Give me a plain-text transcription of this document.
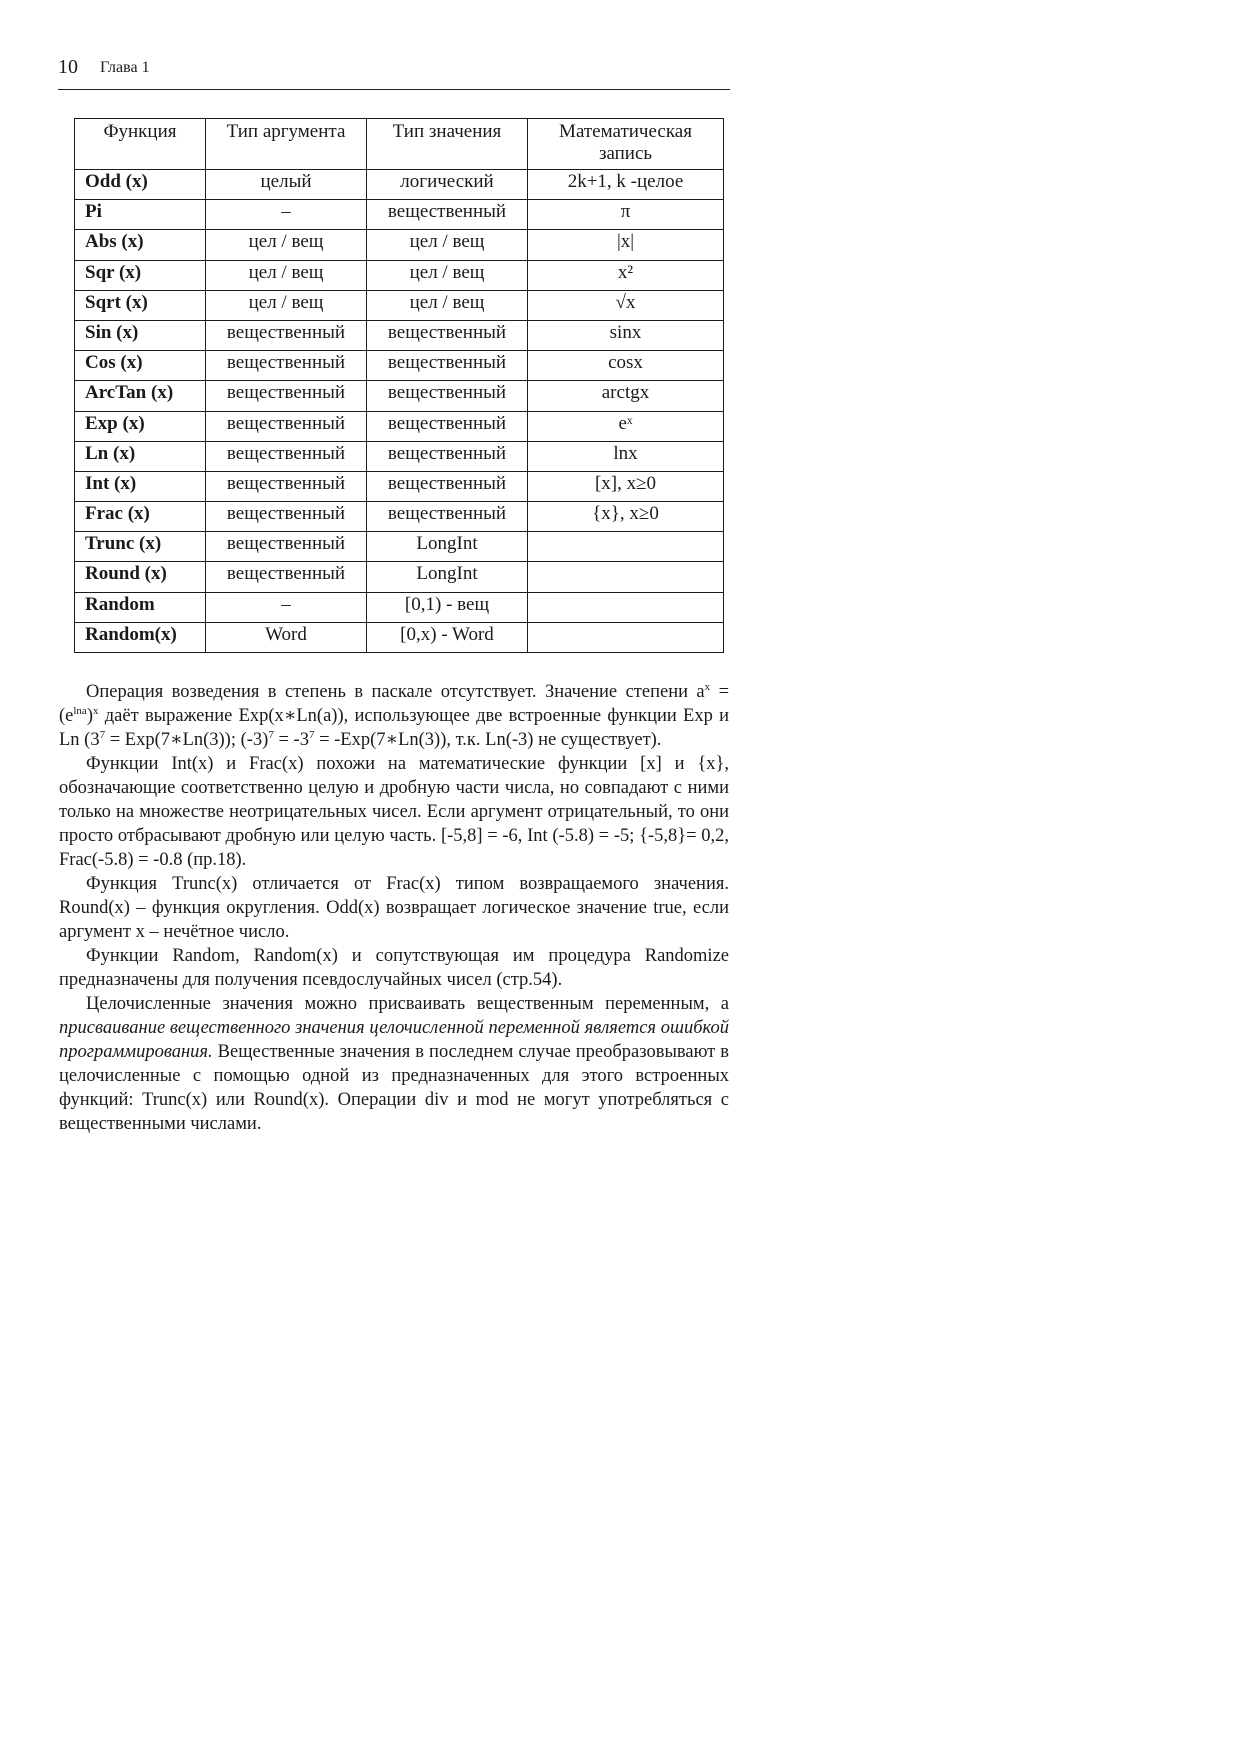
10 Глава 1
Функция	Тип аргумента	Тип значения	Математическая запись
Odd (x)	целый	логический	2k+1, k -целое
Pi	–	вещественный	π
Abs (x)	цел / вещ	цел / вещ	|x|
Sqr (x)	цел / вещ	цел / вещ	x²
Sqrt (x)	цел / вещ	цел / вещ	√x
Sin (x)	вещественный	вещественный	sinx
Cos (x)	вещественный	вещественный	cosx
ArcTan (x)	вещественный	вещественный	arctgx
Exp (x)	вещественный	вещественный	eˣ
Ln (x)	вещественный	вещественный	lnx
Int (x)	вещественный	вещественный	[x], x≥0
Frac (x)	вещественный	вещественный	{x}, x≥0
Trunc (x)	вещественный	LongInt	
Round (x)	вещественный	LongInt	
Random	–	[0,1) - вещ	
Random(x)	Word	[0,x) - Word	

Операция возведения в степень в паскале отсутствует. Значение степени $a^x = (e^{lna})^x$ даёт выражение Exp(x∗Ln(a)), использующее две встроенные функции Exp и Ln ($3^7$ = Exp(7∗Ln(3)); $(-3)^7 = -3^7$ = -Exp(7∗Ln(3)), т.к. Ln(-3) не существует).

Функции Int(x) и Frac(x) похожи на математические функции [x] и {x}, обозначающие соответственно целую и дробную части числа, но совпадают с ними только на множестве неотрицательных чисел. Если аргумент отрицательный, то они просто отбрасывают дробную или целую часть. [-5,8] = -6, Int (-5.8) = -5; {-5,8}= 0,2, Frac(-5.8) = -0.8 (пр.18).

Функция Trunc(x) отличается от Frac(x) типом возвращаемого значения. Round(x) – функция округления. Odd(x) возвращает логическое значение true, если аргумент x – нечётное число.

Функции Random, Random(x) и сопутствующая им процедура Randomize предназначены для получения псевдослучайных чисел (стр.54).

Целочисленные значения можно присваивать вещественным переменным, а присваивание вещественного значения целочисленной переменной является ошибкой программирования. Вещественные значения в последнем случае преобразовывают в целочисленные с помощью одной из предназначенных для этого встроенных функций: Trunc(x) или Round(x). Операции div и mod не могут употребляться с вещественными числами.
